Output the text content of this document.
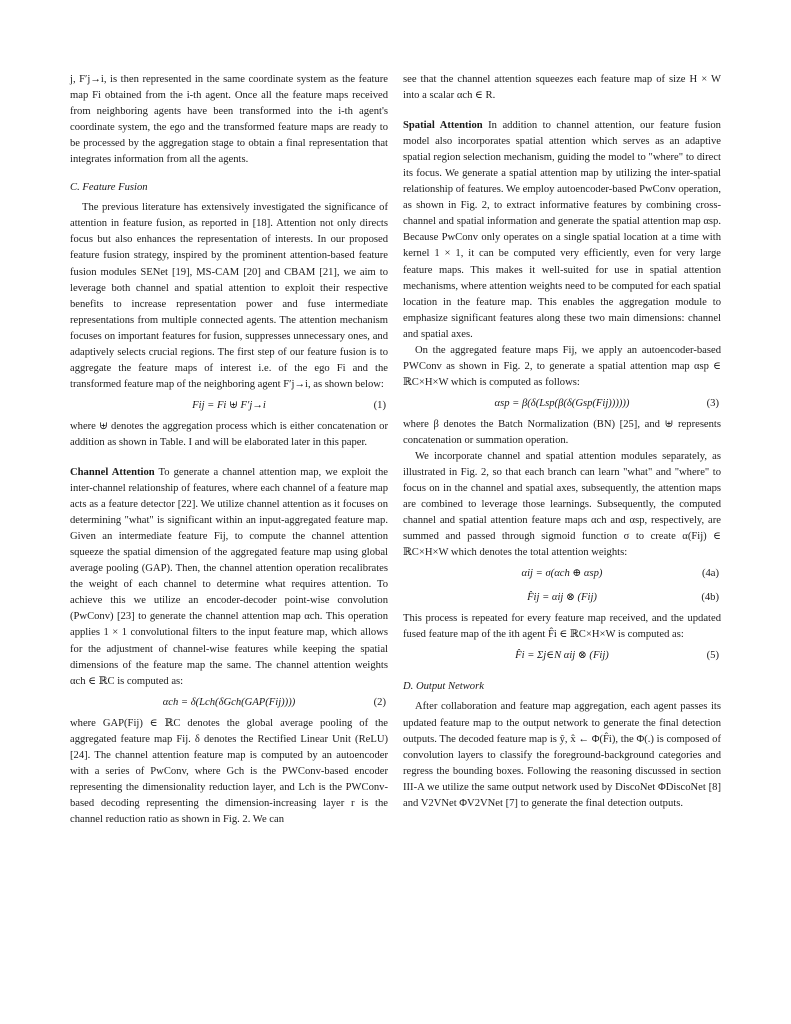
j, F′j→i, is then represented in the same coordinate system as the feature map Fi obtained from the i-th agent. Once all the feature maps received from neighboring agents have been transformed into the i-th agent's coordinate system, the ego and the transformed feature maps are ready to be processed by the aggregation stage to obtain a final representation that integrates information from all the agents.

C. Feature Fusion

The previous literature has extensively investigated the significance of attention in feature fusion, as reported in [18]. Attention not only directs focus but also enhances the representation of interests. In our proposed feature fusion strategy, inspired by the prominent attention-based feature fusion modules SENet [19], MS-CAM [20] and CBAM [21], we aim to leverage both channel and spatial attention to exploit their respective benefits to increase representation power and fuse intermediate representations from multiple connected agents. The attention mechanism focuses on important features for fusion, suppresses unnecessary ones, and adaptively selects crucial regions. The first step of our feature fusion is to aggregate the feature maps of interest i.e. of the ego Fi and the transformed feature map of the neighboring agent F′j→i, as shown below:

Fij = Fi ⊎ F′j→i	(1)

where ⊎ denotes the aggregation process which is either concatenation or addition as shown in Table. I and will be elaborated later in this paper.

Channel Attention To generate a channel attention map, we exploit the inter-channel relationship of features, where each channel of a feature map acts as a feature detector [22]. We utilize channel attention as it focuses on determining "what" is significant within an input-aggregated feature map. Given an intermediate feature Fij, to compute the channel attention squeeze the spatial dimension of the aggregated feature map using global average pooling (GAP). Then, the channel attention operation recalibrates the weight of each channel to determine what requires attention. To achieve this we utilize an encoder-decoder point-wise convolution (PwConv) [23] to generate the channel attention map αch. This operation applies 1 × 1 convolutional filters to the input feature map, which allows for the adjustment of channel-wise features while keeping the spatial dimensions of the feature map the same. The channel attention weights αch ∈ ℝC is computed as:

αch = δ(Lch(δGch(GAP(Fij))))	(2)

where GAP(Fij) ∈ ℝC denotes the global average pooling of the aggregated feature map Fij. δ denotes the Rectified Linear Unit (ReLU) [24]. The channel attention feature map is computed by an autoencoder with a series of PwConv, where Gch is the PWConv-based encoder representing the dimensionality reduction layer, and Lch is the PWConv-based decoding representing the dimension-increasing layer r is the channel reduction ratio as shown in Fig. 2. We can

see that the channel attention squeezes each feature map of size H × W into a scalar αch ∈ R.

Spatial Attention In addition to channel attention, our feature fusion model also incorporates spatial attention which serves as an adaptive spatial region selection mechanism, guiding the model to "where" to direct its focus. We generate a spatial attention map by utilizing the inter-spatial relationship of features. We employ autoencoder-based PwConv operation, as shown in Fig. 2, to extract informative features by combining cross-channel and spatial information and generate the spatial attention map αsp. Because PwConv only operates on a single spatial location at a time with kernel 1 × 1, it can be computed very efficiently, even for very large feature maps. This makes it well-suited for use in spatial attention mechanisms, where attention weights need to be computed for each spatial location in the feature map. This enables the aggregation module to emphasize significant features along these two main dimensions: channel and spatial axes.

On the aggregated feature maps Fij, we apply an autoencoder-based PWConv as shown in Fig. 2, to generate a spatial attention map αsp ∈ ℝC×H×W which is computed as follows:

αsp = β(δ(Lsp(β(δ(Gsp(Fij))))))	(3)

where β denotes the Batch Normalization (BN) [25], and ⊎ represents concatenation or summation operation.

We incorporate channel and spatial attention modules separately, as illustrated in Fig. 2, so that each branch can learn "what" and "where" to focus on in the channel and spatial axes, subsequently, the attention maps are combined to leverage those learnings. Subsequently, the computed channel and spatial attention feature maps αch and αsp, respectively, are summed and passed through sigmoid function σ to create α(Fij) ∈ ℝC×H×W which denotes the total attention weights:

αij = σ(αch ⊕ αsp)	(4a)
F̂ij = αij ⊗ (Fij)	(4b)

This process is repeated for every feature map received, and the updated fused feature map of the ith agent F̂i ∈ ℝC×H×W is computed as:

F̂i = Σj∈N αij ⊗ (Fij)	(5)
D. Output Network

After collaboration and feature map aggregation, each agent passes its updated feature map to the output network to generate the final detection outputs. The decoded feature map is ŷ, x̂ ← Φ(F̂i), the Φ(.) is composed of convolution layers to classify the foreground-background categories and regress the bounding boxes. Following the reasoning discussed in section III-A we utilize the same output network used by DiscoNet ΦDiscoNet [8] and V2VNet ΦV2VNet [7] to generate the final detection outputs.
